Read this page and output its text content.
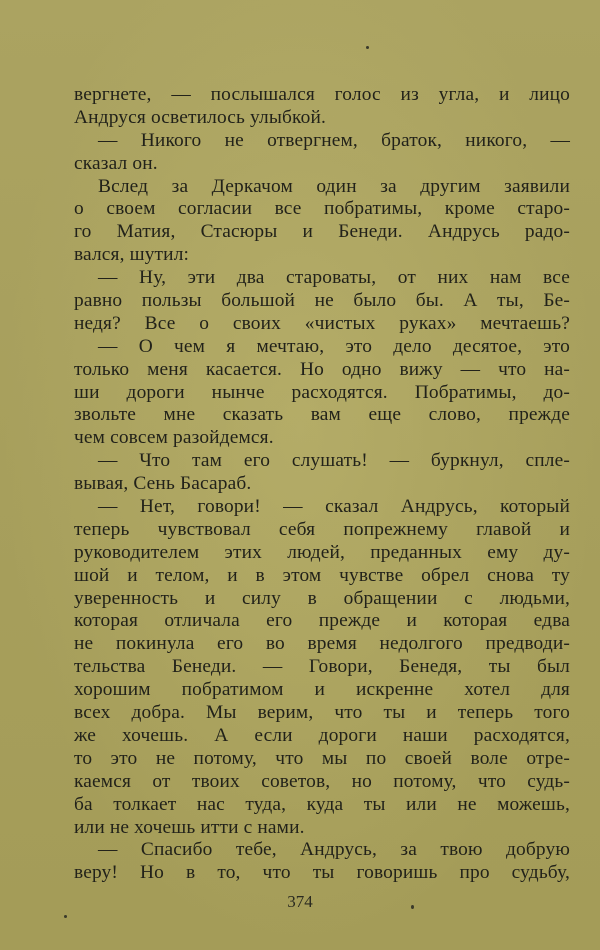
вергнете, — послышался голос из угла, и лицо
Андруся осветилось улыбкой.
— Никого не отвергнем, браток, никого, —
сказал он.
Вслед за Деркачом один за другим заявили
о своем согласии все побратимы, кроме старо-
го Матия, Стасюры и Бенеди. Андрусь радо-
вался, шутил:
— Ну, эти два староваты, от них нам все
равно пользы большой не было бы. А ты, Бе-
недя? Все о своих «чистых руках» мечтаешь?
— О чем я мечтаю, это дело десятое, это
только меня касается. Но одно вижу — что на-
ши дороги нынче расходятся. Побратимы, до-
звольте мне сказать вам еще слово, прежде
чем совсем разойдемся.
— Что там его слушать! — буркнул, спле-
вывая, Сень Басараб.
— Нет, говори! — сказал Андрусь, который
теперь чувствовал себя попрежнему главой и
руководителем этих людей, преданных ему ду-
шой и телом, и в этом чувстве обрел снова ту
уверенность и силу в обращении с людьми,
которая отличала его прежде и которая едва
не покинула его во время недолгого предводи-
тельства Бенеди. — Говори, Бенедя, ты был
хорошим побратимом и искренне хотел для
всех добра. Мы верим, что ты и теперь того
же хочешь. А если дороги наши расходятся,
то это не потому, что мы по своей воле отре-
каемся от твоих советов, но потому, что судь-
ба толкает нас туда, куда ты или не можешь,
или не хочешь итти с нами.
— Спасибо тебе, Андрусь, за твою добрую
веру! Но в то, что ты говоришь про судьбу,
374
